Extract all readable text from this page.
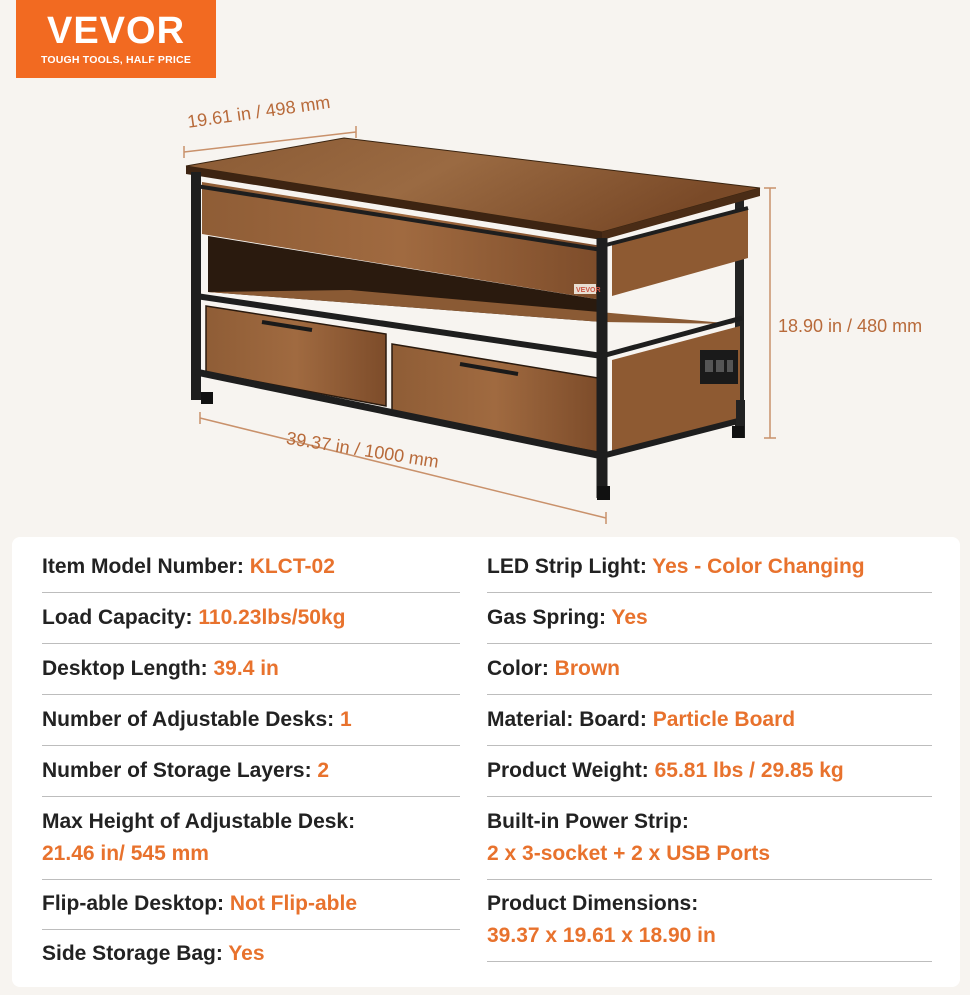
VEVOR
TOUGH TOOLS, HALF PRICE
VEVOR
19.61 in / 498 mm
18.90 in / 480 mm
39.37 in / 1000 mm
Item Model Number: KLCT-02
Load Capacity: 110.23lbs/50kg
Desktop Length: 39.4 in
Number of Adjustable Desks: 1
Number of Storage Layers: 2
Max Height of Adjustable Desk:
21.46 in/ 545 mm
Flip-able Desktop: Not Flip-able
Side Storage Bag: Yes
LED Strip Light: Yes - Color Changing
Gas Spring: Yes
Color: Brown
Material: Board: Particle Board
Product Weight: 65.81 lbs / 29.85 kg
Built-in Power Strip:
2 x 3-socket + 2 x USB Ports
Product Dimensions:
39.37 x 19.61 x 18.90 in
